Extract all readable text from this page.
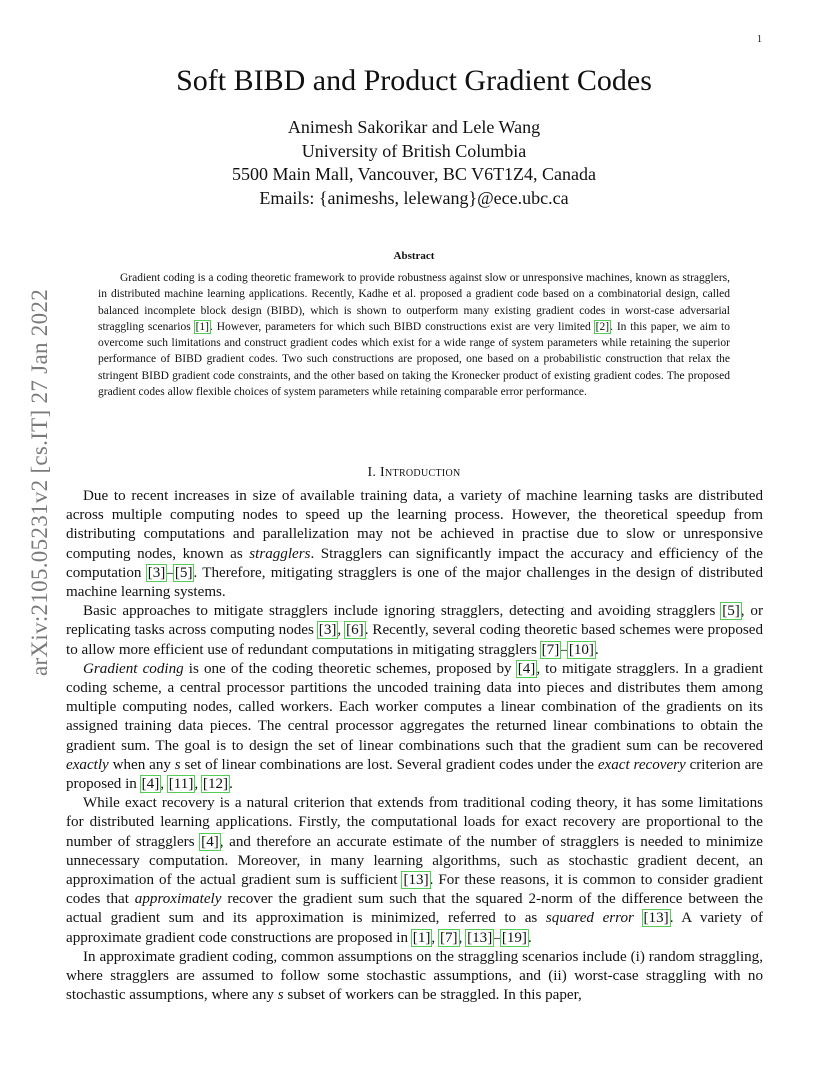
1
arXiv:2105.05231v2 [cs.IT] 27 Jan 2022
Soft BIBD and Product Gradient Codes
Animesh Sakorikar and Lele Wang
University of British Columbia
5500 Main Mall, Vancouver, BC V6T1Z4, Canada
Emails: {animeshs, lelewang}@ece.ubc.ca
Abstract
Gradient coding is a coding theoretic framework to provide robustness against slow or unresponsive machines, known as stragglers, in distributed machine learning applications. Recently, Kadhe et al. proposed a gradient code based on a combinatorial design, called balanced incomplete block design (BIBD), which is shown to outperform many existing gradient codes in worst-case adversarial straggling scenarios [1]. However, parameters for which such BIBD constructions exist are very limited [2]. In this paper, we aim to overcome such limitations and construct gradient codes which exist for a wide range of system parameters while retaining the superior performance of BIBD gradient codes. Two such constructions are proposed, one based on a probabilistic construction that relax the stringent BIBD gradient code constraints, and the other based on taking the Kronecker product of existing gradient codes. The proposed gradient codes allow flexible choices of system parameters while retaining comparable error performance.
I. Introduction

Due to recent increases in size of available training data, a variety of machine learning tasks are distributed across multiple computing nodes to speed up the learning process. However, the theoretical speedup from distributing computations and parallelization may not be achieved in practise due to slow or unresponsive computing nodes, known as stragglers. Stragglers can significantly impact the accuracy and efficiency of the computation [3]–[5]. Therefore, mitigating stragglers is one of the major challenges in the design of distributed machine learning systems.

Basic approaches to mitigate stragglers include ignoring stragglers, detecting and avoiding stragglers [5], or replicating tasks across computing nodes [3], [6]. Recently, several coding theoretic based schemes were proposed to allow more efficient use of redundant computations in mitigating stragglers [7]–[10].

Gradient coding is one of the coding theoretic schemes, proposed by [4], to mitigate stragglers. In a gradient coding scheme, a central processor partitions the uncoded training data into pieces and distributes them among multiple computing nodes, called workers. Each worker computes a linear combination of the gradients on its assigned training data pieces. The central processor aggregates the returned linear combinations to obtain the gradient sum. The goal is to design the set of linear combinations such that the gradient sum can be recovered exactly when any s set of linear combinations are lost. Several gradient codes under the exact recovery criterion are proposed in [4], [11], [12].

While exact recovery is a natural criterion that extends from traditional coding theory, it has some limitations for distributed learning applications. Firstly, the computational loads for exact recovery are proportional to the number of stragglers [4], and therefore an accurate estimate of the number of stragglers is needed to minimize unnecessary computation. Moreover, in many learning algorithms, such as stochastic gradient decent, an approximation of the actual gradient sum is sufficient [13]. For these reasons, it is common to consider gradient codes that approximately recover the gradient sum such that the squared 2-norm of the difference between the actual gradient sum and its approximation is minimized, referred to as squared error [13]. A variety of approximate gradient code constructions are proposed in [1], [7], [13]–[19].

In approximate gradient coding, common assumptions on the straggling scenarios include (i) random straggling, where stragglers are assumed to follow some stochastic assumptions, and (ii) worst-case straggling with no stochastic assumptions, where any s subset of workers can be straggled. In this paper,
